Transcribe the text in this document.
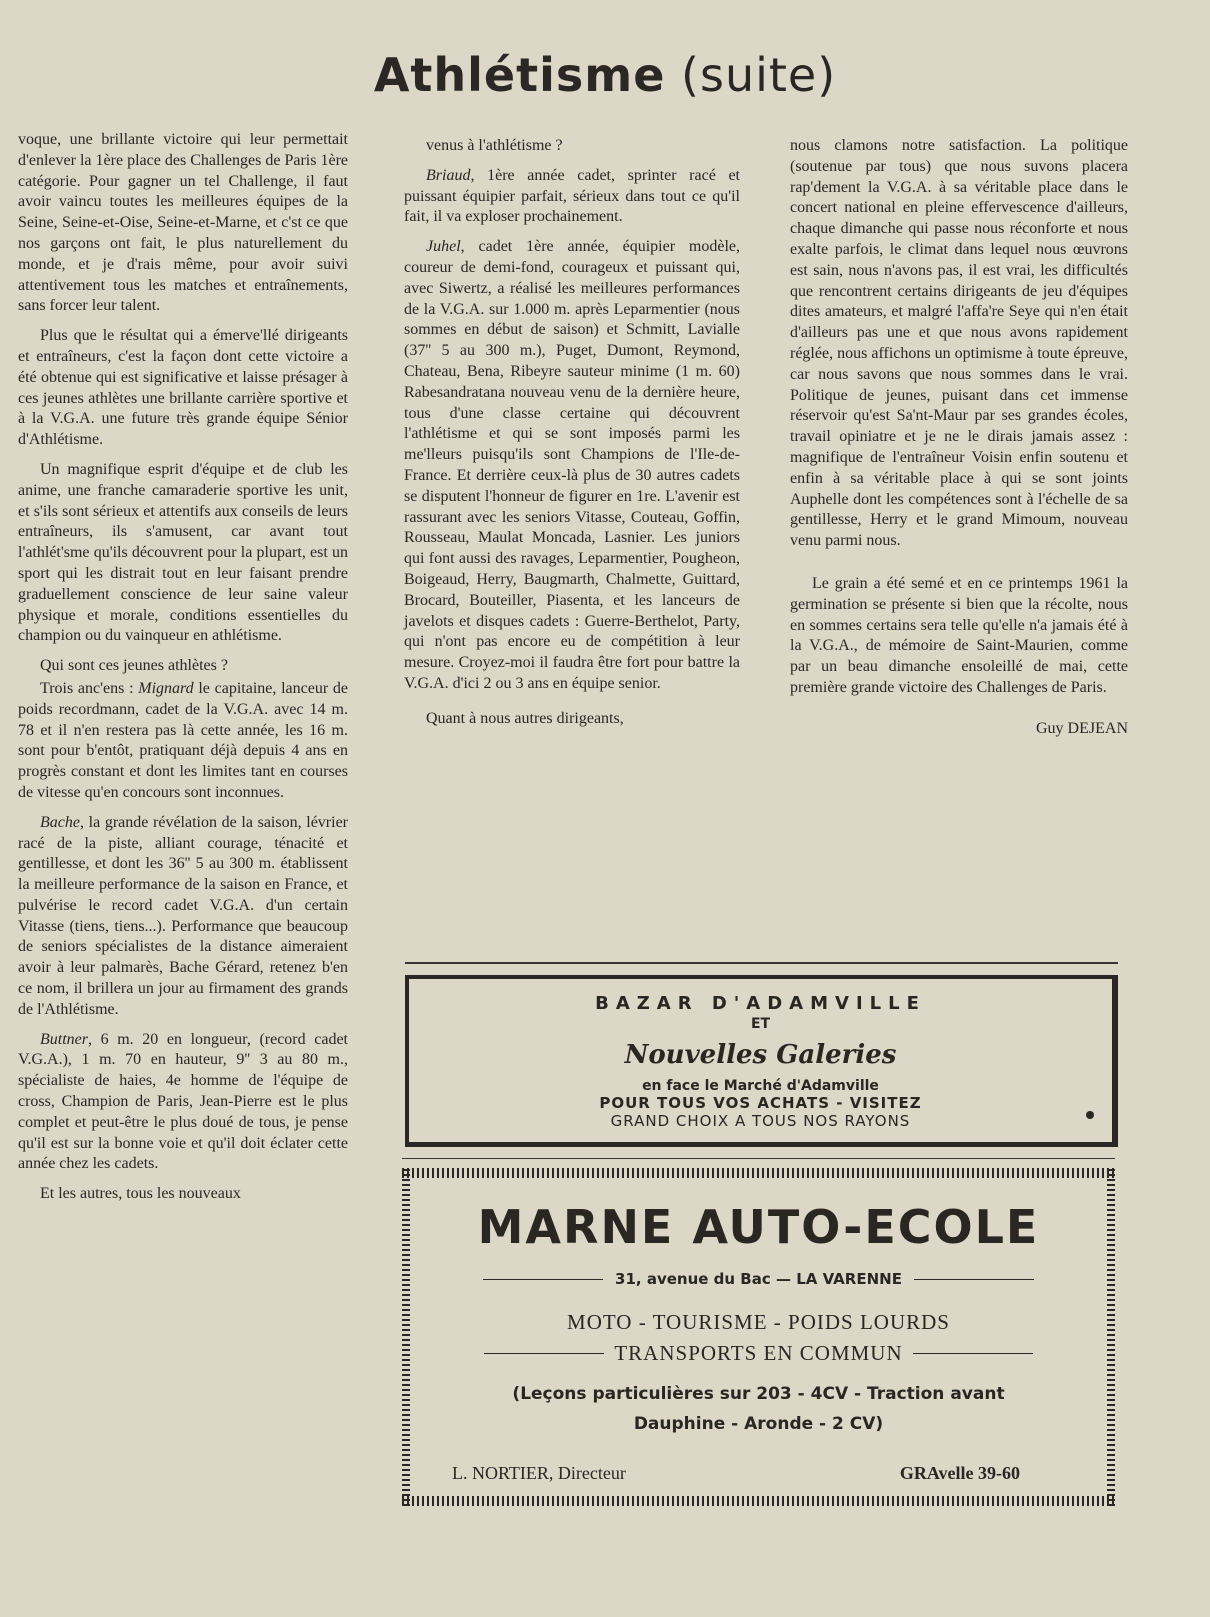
Athlétisme (suite)

voque, une brillante victoire qui leur permettait d'enlever la 1ère place des Challenges de Paris 1ère catégorie. Pour gagner un tel Challenge, il faut avoir vaincu toutes les meilleures équipes de la Seine, Seine-et-Oise, Seine-et-Marne, et c'st ce que nos garçons ont fait, le plus naturellement du monde, et je d'rais même, pour avoir suivi attentivement tous les matches et entraînements, sans forcer leur talent.

Plus que le résultat qui a émerve'llé dirigeants et entraîneurs, c'est la façon dont cette victoire a été obtenue qui est significative et laisse présager à ces jeunes athlètes une brillante carrière sportive et à la V.G.A. une future très grande équipe Sénior d'Athlétisme.

Un magnifique esprit d'équipe et de club les anime, une franche camaraderie sportive les unit, et s'ils sont sérieux et attentifs aux conseils de leurs entraîneurs, ils s'amusent, car avant tout l'athlét'sme qu'ils découvrent pour la plupart, est un sport qui les distrait tout en leur faisant prendre graduellement conscience de leur saine valeur physique et morale, conditions essentielles du champion ou du vainqueur en athlétisme.

Qui sont ces jeunes athlètes ?

Trois anc'ens : Mignard le capitaine, lanceur de poids recordmann, cadet de la V.G.A. avec 14 m. 78 et il n'en restera pas là cette année, les 16 m. sont pour b'entôt, pratiquant déjà depuis 4 ans en progrès constant et dont les limites tant en courses de vitesse qu'en concours sont inconnues.

Bache, la grande révélation de la saison, lévrier racé de la piste, alliant courage, ténacité et gentillesse, et dont les 36'' 5 au 300 m. établissent la meilleure performance de la saison en France, et pulvérise le record cadet V.G.A. d'un certain Vitasse (tiens, tiens...). Performance que beaucoup de seniors spécialistes de la distance aimeraient avoir à leur palmarès, Bache Gérard, retenez b'en ce nom, il brillera un jour au firmament des grands de l'Athlétisme.

Buttner, 6 m. 20 en longueur, (record cadet V.G.A.), 1 m. 70 en hauteur, 9'' 3 au 80 m., spécialiste de haies, 4e homme de l'équipe de cross, Champion de Paris, Jean-Pierre est le plus complet et peut-être le plus doué de tous, je pense qu'il est sur la bonne voie et qu'il doit éclater cette année chez les cadets.

Et les autres, tous les nouveaux

venus à l'athlétisme ?

Briaud, 1ère année cadet, sprinter racé et puissant équipier parfait, sérieux dans tout ce qu'il fait, il va exploser prochainement.

Juhel, cadet 1ère année, équipier modèle, coureur de demi-fond, courageux et puissant qui, avec Siwertz, a réalisé les meilleures performances de la V.G.A. sur 1.000 m. après Leparmentier (nous sommes en début de saison) et Schmitt, Lavialle (37'' 5 au 300 m.), Puget, Dumont, Reymond, Chateau, Bena, Ribeyre sauteur minime (1 m. 60) Rabesandratana nouveau venu de la dernière heure, tous d'une classe certaine qui découvrent l'athlétisme et qui se sont imposés parmi les me'lleurs puisqu'ils sont Champions de l'Ile-de-France. Et derrière ceux-là plus de 30 autres cadets se disputent l'honneur de figurer en 1re. L'avenir est rassurant avec les seniors Vitasse, Couteau, Goffin, Rousseau, Maulat Moncada, Lasnier. Les juniors qui font aussi des ravages, Leparmentier, Pougheon, Boigeaud, Herry, Baugmarth, Chalmette, Guittard, Brocard, Bouteiller, Piasenta, et les lanceurs de javelots et disques cadets : Guerre-Berthelot, Party, qui n'ont pas encore eu de compétition à leur mesure. Croyez-moi il faudra être fort pour battre la V.G.A. d'ici 2 ou 3 ans en équipe senior.

Quant à nous autres dirigeants,

nous clamons notre satisfaction. La politique (soutenue par tous) que nous suvons placera rap'dement la V.G.A. à sa véritable place dans le concert national en pleine effervescence d'ailleurs, chaque dimanche qui passe nous réconforte et nous exalte parfois, le climat dans lequel nous œuvrons est sain, nous n'avons pas, il est vrai, les difficultés que rencontrent certains dirigeants de jeu d'équipes dites amateurs, et malgré l'affa're Seye qui n'en était d'ailleurs pas une et que nous avons rapidement réglée, nous affichons un optimisme à toute épreuve, car nous savons que nous sommes dans le vrai. Politique de jeunes, puisant dans cet immense réservoir qu'est Sa'nt-Maur par ses grandes écoles, travail opiniatre et je ne le dirais jamais assez : magnifique de l'entraîneur Voisin enfin soutenu et enfin à sa véritable place à qui se sont joints Auphelle dont les compétences sont à l'échelle de sa gentillesse, Herry et le grand Mimoum, nouveau venu parmi nous.

Le grain a été semé et en ce printemps 1961 la germination se présente si bien que la récolte, nous en sommes certains sera telle qu'elle n'a jamais été à la V.G.A., de mémoire de Saint-Maurien, comme par un beau dimanche ensoleillé de mai, cette première grande victoire des Challenges de Paris.

Guy DEJEAN

BAZAR D'ADAMVILLE
ET
Nouvelles Galeries
en face le Marché d'Adamville
POUR TOUS VOS ACHATS - VISITEZ
GRAND CHOIX A TOUS NOS RAYONS
MARNE AUTO-ECOLE
31, avenue du Bac — LA VARENNE
MOTO - TOURISME - POIDS LOURDS
TRANSPORTS EN COMMUN
(Leçons particulières sur 203 - 4CV - Traction avant
Dauphine - Aronde - 2 CV)
L. NORTIER, Directeur	GRAvelle 39-60
